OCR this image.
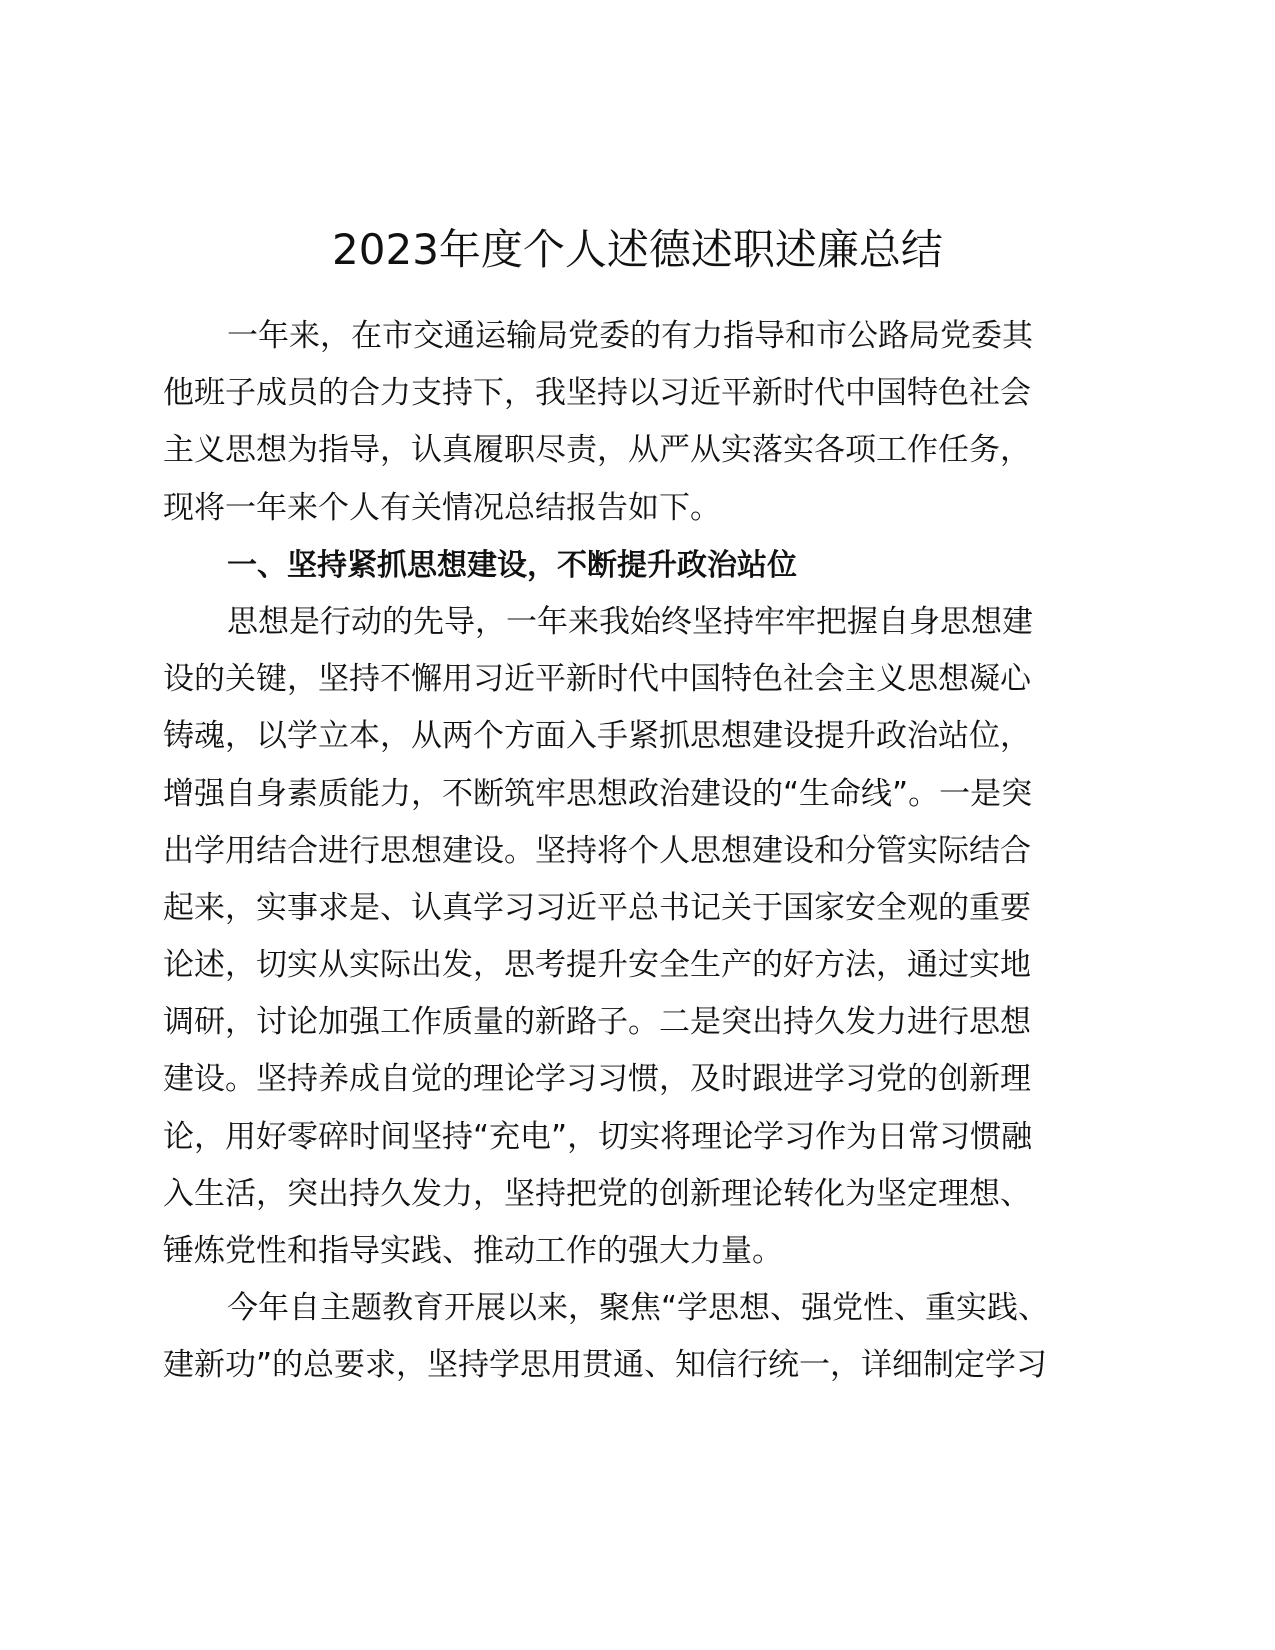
2023年度个人述德述职述廉总结
一年来，在市交通运输局党委的有力指导和市公路局党委其
他班子成员的合力支持下，我坚持以习近平新时代中国特色社会
主义思想为指导，认真履职尽责，从严从实落实各项工作任务，
现将一年来个人有关情况总结报告如下。
一、坚持紧抓思想建设，不断提升政治站位
思想是行动的先导，一年来我始终坚持牢牢把握自身思想建
设的关键，坚持不懈用习近平新时代中国特色社会主义思想凝心
铸魂，以学立本，从两个方面入手紧抓思想建设提升政治站位，
增强自身素质能力，不断筑牢思想政治建设的“生命线”。一是突
出学用结合进行思想建设。坚持将个人思想建设和分管实际结合
起来，实事求是、认真学习习近平总书记关于国家安全观的重要
论述，切实从实际出发，思考提升安全生产的好方法，通过实地
调研，讨论加强工作质量的新路子。二是突出持久发力进行思想
建设。坚持养成自觉的理论学习习惯，及时跟进学习党的创新理
论，用好零碎时间坚持“充电”，切实将理论学习作为日常习惯融
入生活，突出持久发力，坚持把党的创新理论转化为坚定理想、
锤炼党性和指导实践、推动工作的强大力量。
今年自主题教育开展以来，聚焦“学思想、强党性、重实践、
建新功”的总要求，坚持学思用贯通、知信行统一，详细制定学习
